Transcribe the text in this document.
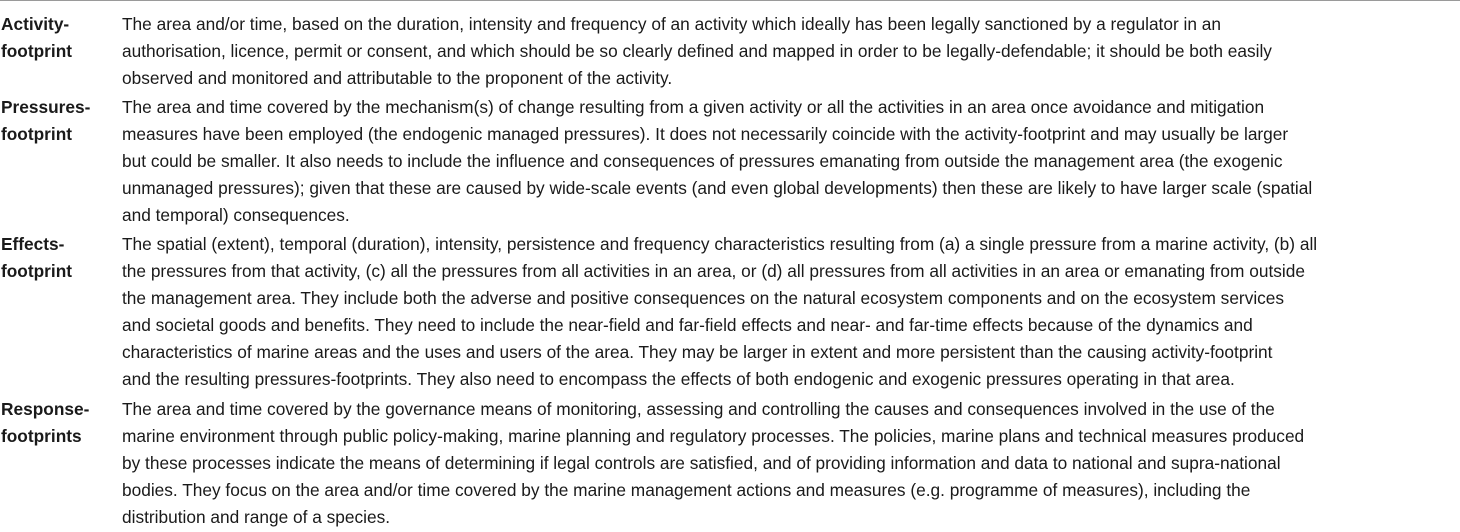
Activity-
footprint
The area and/or time, based on the duration, intensity and frequency of an activity which ideally has been legally sanctioned by a regulator in an
authorisation, licence, permit or consent, and which should be so clearly defined and mapped in order to be legally-defendable; it should be both easily
observed and monitored and attributable to the proponent of the activity.
Pressures-
footprint
The area and time covered by the mechanism(s) of change resulting from a given activity or all the activities in an area once avoidance and mitigation
measures have been employed (the endogenic managed pressures). It does not necessarily coincide with the activity-footprint and may usually be larger
but could be smaller. It also needs to include the influence and consequences of pressures emanating from outside the management area (the exogenic
unmanaged pressures); given that these are caused by wide-scale events (and even global developments) then these are likely to have larger scale (spatial
and temporal) consequences.
Effects-
footprint
The spatial (extent), temporal (duration), intensity, persistence and frequency characteristics resulting from (a) a single pressure from a marine activity, (b) all
the pressures from that activity, (c) all the pressures from all activities in an area, or (d) all pressures from all activities in an area or emanating from outside
the management area. They include both the adverse and positive consequences on the natural ecosystem components and on the ecosystem services
and societal goods and benefits. They need to include the near-field and far-field effects and near- and far-time effects because of the dynamics and
characteristics of marine areas and the uses and users of the area. They may be larger in extent and more persistent than the causing activity-footprint
and the resulting pressures-footprints. They also need to encompass the effects of both endogenic and exogenic pressures operating in that area.
Response-
footprints
The area and time covered by the governance means of monitoring, assessing and controlling the causes and consequences involved in the use of the
marine environment through public policy-making, marine planning and regulatory processes. The policies, marine plans and technical measures produced
by these processes indicate the means of determining if legal controls are satisfied, and of providing information and data to national and supra-national
bodies. They focus on the area and/or time covered by the marine management actions and measures (e.g. programme of measures), including the
distribution and range of a species.
